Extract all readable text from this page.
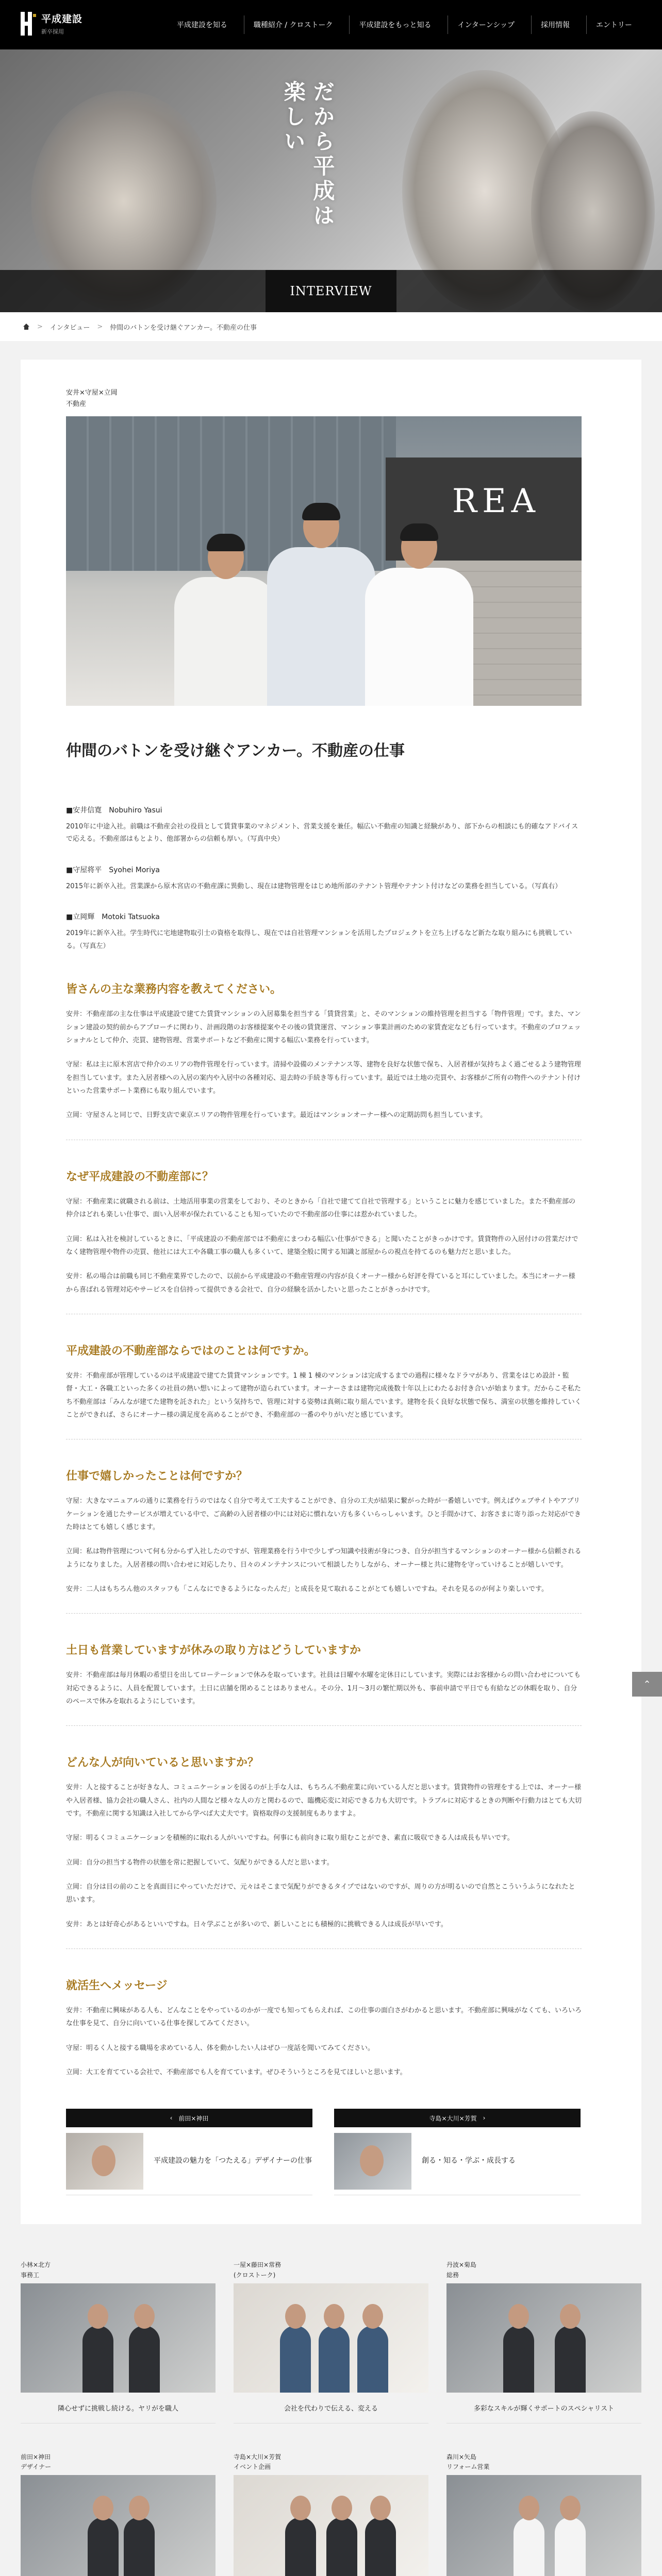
平成建設
新卒採用
平成建設を知る	職種紹介 / クロストーク	平成建設をもっと知る	インターンシップ	採用情報	エントリー
だから平成は
楽しい
INTERVIEW
> インタビュー > 仲間のバトンを受け継ぐアンカー。不動産の仕事
安井×守屋×立岡
不動産
REA
仲間のバトンを受け継ぐアンカー。不動産の仕事
■安井信寛　Nobuhiro Yasui

2010年に中途入社。前職は不動産会社の役員として賃貸事業のマネジメント、営業支援を兼任。幅広い不動産の知識と経験があり、部下からの相談にも的確なアドバイスで応える。不動産部はもとより、他部署からの信頼も厚い。（写真中央）

■守屋将平　Syohei Moriya

2015年に新卒入社。営業課から原木宮店の不動産課に異動し、現在は建物管理をはじめ地所部のテナント管理やテナント付けなどの業務を担当している。（写真右）

■立岡輝　Motoki Tatsuoka

2019年に新卒入社。学生時代に宅地建物取引士の資格を取得し、現在では自社管理マンションを活用したプロジェクトを立ち上げるなど新たな取り組みにも挑戦している。（写真左）

皆さんの主な業務内容を教えてください。

安井：不動産部の主な仕事は平成建設で建てた賃貸マンションの入居募集を担当する「賃貸営業」と、そのマンションの維持管理を担当する「物件管理」です。また、マンション建設の契約前からアプローチに関わり、計画段階のお客様提案やその後の賃貸運営、マンション事業計画のための家賃査定なども行っています。不動産のプロフェッショナルとして仲介、売買、建物管理、営業サポートなど不動産に関する幅広い業務を行っています。

守屋：私は主に原木宮店で仲介のエリアの物件管理を行っています。清掃や設備のメンテナンス等、建物を良好な状態で保ち、入居者様が気持ちよく過ごせるよう建物管理を担当しています。また入居者様への入居の案内や入居中の各種対応、退去時の手続き等も行っています。最近では土地の売買や、お客様がご所有の物件へのテナント付けといった営業サポート業務にも取り組んでいます。

立岡：守屋さんと同じで、日野支店で東京エリアの物件管理を行っています。最近はマンションオーナー様への定期訪問も担当しています。

なぜ平成建設の不動産部に？

守屋：不動産業に就職される前は、土地活用事業の営業をしており、そのときから「自社で建てて自社で管理する」ということに魅力を感じていました。また不動産部の仲介はどれも楽しい仕事で、面い入居率が保たれていることも知っていたので不動産部の仕事には惹かれていました。

立岡：私は入社を検討しているときに、「平成建設の不動産部では不動産にまつわる幅広い仕事ができる」と聞いたことがきっかけです。賃貸物件の入居付けの営業だけでなく建物管理や物件の売買、他社には大工や各職工事の職人も多くいて、建築全般に関する知識と部屋からの視点を持てるのも魅力だと思いました。

安井：私の場合は前職も同じ不動産業界でしたので、以前から平成建設の不動産管理の内容が良くオーナー様から好評を得ていると耳にしていました。本当にオーナー様から喜ばれる管理対応やサービスを自信持って提供できる会社で、自分の経験を活かしたいと思ったことがきっかけです。

平成建設の不動産部ならではのことは何ですか。

安井：不動産部が管理しているのは平成建設で建てた賃貸マンションです。1 棟 1 棟のマンションは完成するまでの過程に様々なドラマがあり、営業をはじめ設計・監督・大工・各職工といった多くの社員の熱い想いによって建物が造られています。オーナーさまは建物完成後数十年以上にわたるお付き合いが始まります。だからこそ私たち不動産部は「みんなが建てた建物を託された」という気持ちで、管理に対する姿勢は真剣に取り組んでいます。建物を長く良好な状態で保ち、満室の状態を維持していくことができれば、さらにオーナー様の満足度を高めることができ、不動産部の一番のやりがいだと感じています。

仕事で嬉しかったことは何ですか？

守屋：大きなマニュアルの通りに業務を行うのではなく自分で考えて工夫することができ、自分の工夫が結果に繋がった時が一番嬉しいです。例えばウェブサイトやアプリケーションを通じたサービスが増えている中で、ご高齢の入居者様の中には対応に慣れない方も多くいらっしゃいます。ひと手間かけて、お客さまに寄り添った対応ができた時はとても嬉しく感じます。

立岡：私は物件管理について何も分からず入社したのですが、管理業務を行う中で少しずつ知識や技術が身につき、自分が担当するマンションのオーナー様から信頼されるようになりました。入居者様の問い合わせに対応したり、日々のメンテナンスについて相談したりしながら、オーナー様と共に建物を守っていけることが嬉しいです。

安井：二人はもちろん他のスタッフも「こんなにできるようになったんだ」と成長を見て取れることがとても嬉しいですね。それを見るのが何より楽しいです。

土日も営業していますが休みの取り方はどうしていますか

安井：不動産部は毎月休暇の希望日を出してローテーションで休みを取っています。社員は日曜や水曜を定休日にしています。実際にはお客様からの問い合わせについても対応できるように、人員を配置しています。土日に店舗を閉めることはありません。その分、1月～3月の繁忙期以外も、事前申請で平日でも有給などの休暇を取り、自分のペースで休みを取れるようにしています。

どんな人が向いていると思いますか？

安井：人と接することが好きな人、コミュニケーションを図るのが上手な人は、もちろん不動産業に向いている人だと思います。賃貸物件の管理をする上では、オーナー様や入居者様、協力会社の職人さん、社内の人間など様々な人の方と関わるので、臨機応変に対応できる力も大切です。トラブルに対応するときの判断や行動力はとても大切です。不動産に関する知識は入社してから学べば大丈夫です。資格取得の支援制度もありますよ。

守屋：明るくコミュニケーションを積極的に取れる人がいいですね。何事にも前向きに取り組むことができ、素直に吸収できる人は成長も早いです。

立岡：自分の担当する物件の状態を常に把握していて、気配りができる人だと思います。

立岡：自分は目の前のことを真面目にやっていただけで、元々はそこまで気配りができるタイプではないのですが、周りの方が明るいので自然とこういうふうになれたと思います。

安井：あとは好奇心があるといいですね。日々学ぶことが多いので、新しいことにも積極的に挑戦できる人は成長が早いです。

就活生へメッセージ

安井：不動産に興味がある人も、どんなことをやっているのかが一度でも知ってもらえれば、この仕事の面白さがわかると思います。不動産部に興味がなくても、いろいろな仕事を見て、自分に向いている仕事を探してみてください。

守屋：明るく人と接する職場を求めている人、体を動かしたい人はぜひ一度話を聞いてみてください。

立岡：大工を育てている会社で、不動産部でも人を育てています。ぜひそういうところを見てほしいと思います。

‹ 前田×神田
平成建設の魅力を「つたえる」デザイナーの仕事
寺島×大川×芳賀 ›
創る・知る・学ぶ・成長する
小林×北方
事務工
隣心せずに挑戦し続ける。ヤリがを職人
一屋×藤田×常務
(クロストーク)
会社を代わりで伝える、変える
丹波×菊島
総務
多彩なスキルが輝くサポートのスペシャリスト
前田×神田
デザイナー
寺島×大川×芳賀
イベント企画
森川×矢島
リフォーム営業
⌃
